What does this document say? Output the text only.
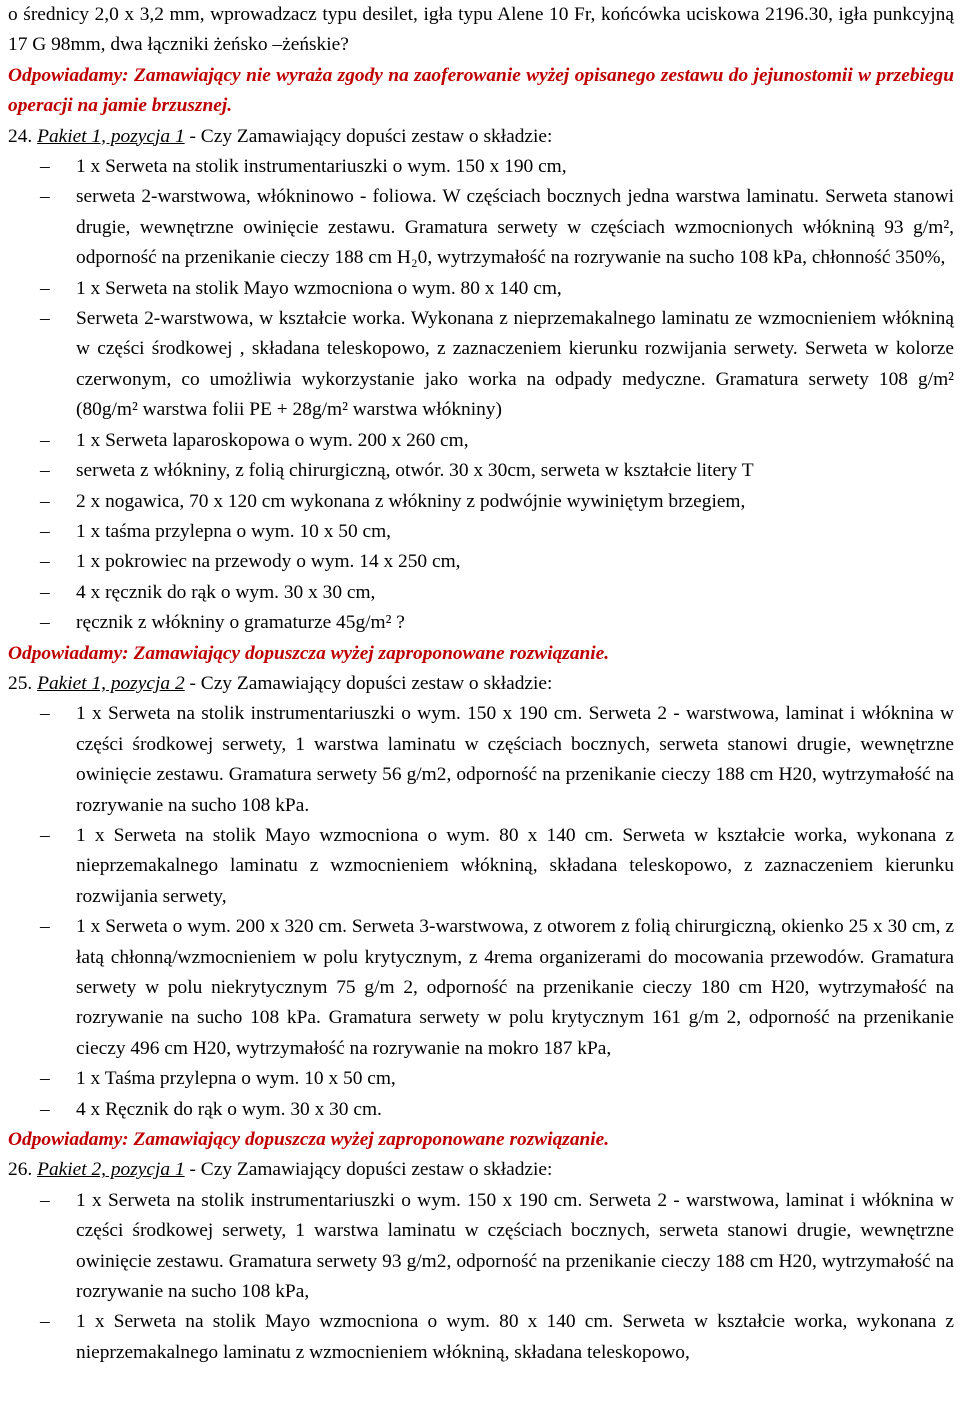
o średnicy 2,0 x 3,2 mm, wprowadzacz typu desilet, igła typu Alene 10 Fr, końcówka uciskowa 2196.30, igła punkcyjną 17 G 98mm, dwa łączniki żeńsko –żeńskie?

Odpowiadamy: Zamawiający nie wyraża zgody na zaoferowanie wyżej opisanego zestawu do jejunostomii w przebiegu operacji na jamie brzusznej.

24. Pakiet 1, pozycja 1 - Czy Zamawiający dopuści zestaw o składzie:

– 1 x Serweta na stolik instrumentariuszki o wym. 150 x 190 cm,

– serweta 2-warstwowa, włókninowo - foliowa. W częściach bocznych jedna warstwa laminatu. Serweta stanowi drugie, wewnętrzne owinięcie zestawu. Gramatura serwety w częściach wzmocnionych włókniną 93 g/m², odporność na przenikanie cieczy 188 cm H₂0, wytrzymałość na rozrywanie na sucho 108 kPa, chłonność 350%,

– 1 x Serweta na stolik Mayo wzmocniona o wym. 80 x 140 cm,

– Serweta 2-warstwowa, w kształcie worka. Wykonana z nieprzemakalnego laminatu ze wzmocnieniem włókniną w części środkowej , składana teleskopowo, z zaznaczeniem kierunku rozwijania serwety. Serweta w kolorze czerwonym, co umożliwia wykorzystanie jako worka na odpady medyczne. Gramatura serwety 108 g/m² (80g/m² warstwa folii PE + 28g/m² warstwa włókniny)

– 1 x Serweta laparoskopowa o wym. 200 x 260 cm,

– serweta z włókniny, z folią chirurgiczną, otwór. 30 x 30cm, serweta w kształcie litery T

– 2 x nogawica, 70 x 120 cm wykonana z włókniny z podwójnie wywiniętym brzegiem,

– 1 x taśma przylepna o wym. 10 x 50 cm,

– 1 x pokrowiec na przewody o wym. 14 x 250 cm,

– 4 x ręcznik do rąk o wym. 30 x 30 cm,

– ręcznik z włókniny o gramaturze 45g/m² ?

Odpowiadamy: Zamawiający dopuszcza wyżej zaproponowane rozwiązanie.

25. Pakiet 1, pozycja 2 - Czy Zamawiający dopuści zestaw o składzie:

– 1 x Serweta na stolik instrumentariuszki o wym. 150 x 190 cm. Serweta 2 - warstwowa, laminat i włóknina w części środkowej serwety, 1 warstwa laminatu w częściach bocznych, serweta stanowi drugie, wewnętrzne owinięcie zestawu. Gramatura serwety 56 g/m2, odporność na przenikanie cieczy 188 cm H20, wytrzymałość na rozrywanie na sucho 108 kPa.

– 1 x Serweta na stolik Mayo wzmocniona o wym. 80 x 140 cm. Serweta w kształcie worka, wykonana z nieprzemakalnego laminatu z wzmocnieniem włókniną, składana teleskopowo, z zaznaczeniem kierunku rozwijania serwety,

– 1 x Serweta o wym. 200 x 320 cm. Serweta 3-warstwowa, z otworem z folią chirurgiczną, okienko 25 x 30 cm, z łatą chłonną/wzmocnieniem w polu krytycznym, z 4rema organizerami do mocowania przewodów. Gramatura serwety w polu niekrytycznym 75 g/m 2, odporność na przenikanie cieczy 180 cm H20, wytrzymałość na rozrywanie na sucho 108 kPa. Gramatura serwety w polu krytycznym 161 g/m 2, odporność na przenikanie cieczy 496 cm H20, wytrzymałość na rozrywanie na mokro 187 kPa,

– 1 x Taśma przylepna o wym. 10 x 50 cm,

– 4 x Ręcznik do rąk o wym. 30 x 30 cm.

Odpowiadamy: Zamawiający dopuszcza wyżej zaproponowane rozwiązanie.

26. Pakiet 2, pozycja 1 - Czy Zamawiający dopuści zestaw o składzie:

– 1 x Serweta na stolik instrumentariuszki o wym. 150 x 190 cm. Serweta 2 - warstwowa, laminat i włóknina w części środkowej serwety, 1 warstwa laminatu w częściach bocznych, serweta stanowi drugie, wewnętrzne owinięcie zestawu. Gramatura serwety 93 g/m2, odporność na przenikanie cieczy 188 cm H20, wytrzymałość na rozrywanie na sucho 108 kPa,

– 1 x Serweta na stolik Mayo wzmocniona o wym. 80 x 140 cm. Serweta w kształcie worka, wykonana z nieprzemakalnego laminatu z wzmocnieniem włókniną, składana teleskopowo,
